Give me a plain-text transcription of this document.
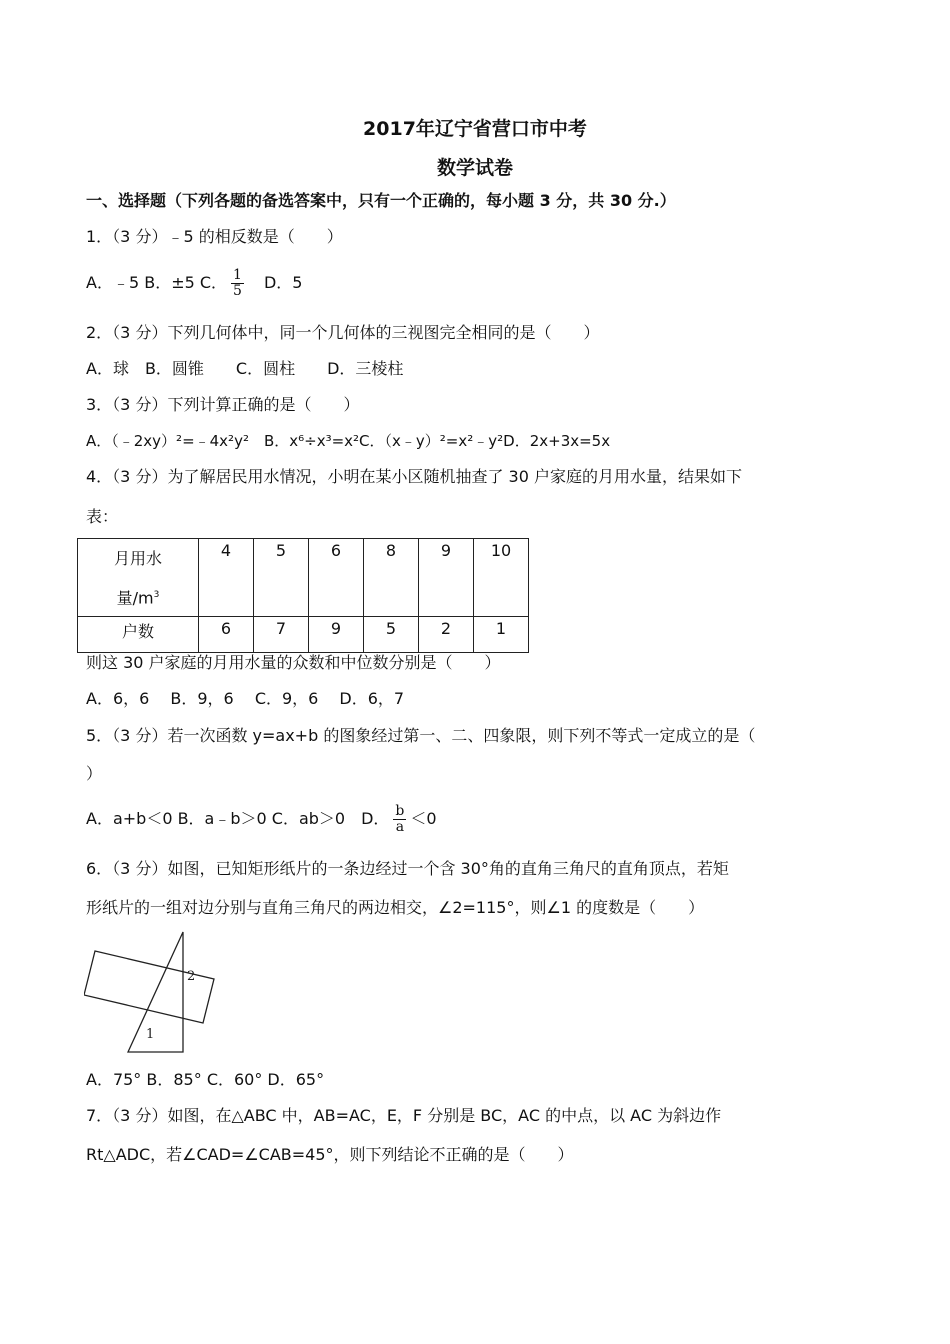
2017年辽宁省营口市中考
数学试卷
一、选择题（下列各题的备选答案中，只有一个正确的，每小题 3 分，共 30 分.）
1．（3 分）﹣5 的相反数是（　　）
A．﹣5 B．±5 C． $\frac{1}{5}$
　 D．5
2．（3 分）下列几何体中，同一个几何体的三视图完全相同的是（　　）
A．球　B．圆锥　　C．圆柱　　D．三棱柱
3．（3 分）下列计算正确的是（　　）
A．（﹣2xy）²=﹣4x²y²　B．x⁶÷x³=x²C．（x﹣y）²=x²﹣y²D．2x+3x=5x
4．（3 分）为了解居民用水情况，小明在某小区随机抽查了 30 户家庭的月用水量，结果如下
表：
月用水
量$/m^3$	4	5	6	8	9	10
户数	6	7	9	5	2	1
则这 30 户家庭的月用水量的众数和中位数分别是（　　）
A．6，6　 B．9，6　 C．9，6　 D．6，7
5．（3 分）若一次函数 y=ax+b 的图象经过第一、二、四象限，则下列不等式一定成立的是（
）
A．a+b＜0 B．a﹣b＞0 C．ab＞0　D． $\frac{b}{a} <0$
6．（3 分）如图，已知矩形纸片的一条边经过一个含 30°角的直角三角尺的直角顶点，若矩
形纸片的一组对边分别与直角三角尺的两边相交，∠2=115°，则∠1 的度数是（　　）
2
1
A．75° B．85° C．60° D．65°
7．（3 分）如图，在△ABC 中，AB=AC，E，F 分别是 BC，AC 的中点，以 AC 为斜边作
Rt△ADC，若∠CAD=∠CAB=45°，则下列结论不正确的是（　　）
